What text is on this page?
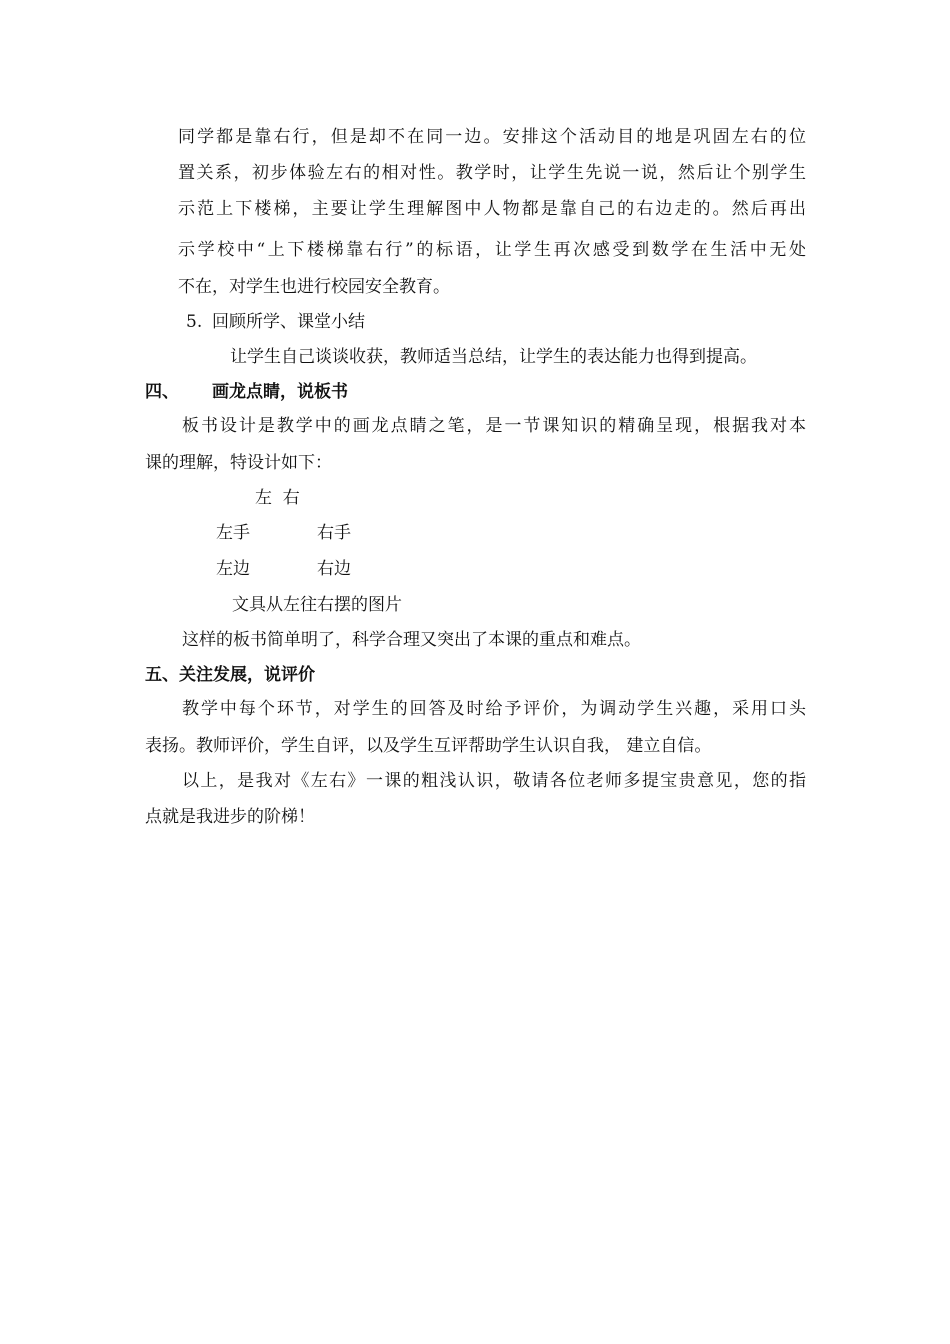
同学都是靠右行，但是却不在同一边。安排这个活动目的地是巩固左右的位
置关系，初步体验左右的相对性。教学时，让学生先说一说，然后让个别学生
示范上下楼梯，主要让学生理解图中人物都是靠自己的右边走的。然后再出
示学校中“上下楼梯靠右行”的标语，让学生再次感受到数学在生活中无处
不在，对学生也进行校园安全教育。
5. 回顾所学、课堂小结
让学生自己谈谈收获，教师适当总结，让学生的表达能力也得到提高。
四、 画龙点睛，说板书
板书设计是教学中的画龙点睛之笔，是一节课知识的精确呈现，根据我对本
课的理解，特设计如下：
左  右
左手	右手
左边	右边
文具从左往右摆的图片
这样的板书简单明了，科学合理又突出了本课的重点和难点。
五、关注发展，说评价
教学中每个环节，对学生的回答及时给予评价，为调动学生兴趣，采用口头
表扬。教师评价，学生自评，以及学生互评帮助学生认识自我， 建立自信。
以上，是我对《左右》一课的粗浅认识，敬请各位老师多提宝贵意见，您的指
点就是我进步的阶梯！
